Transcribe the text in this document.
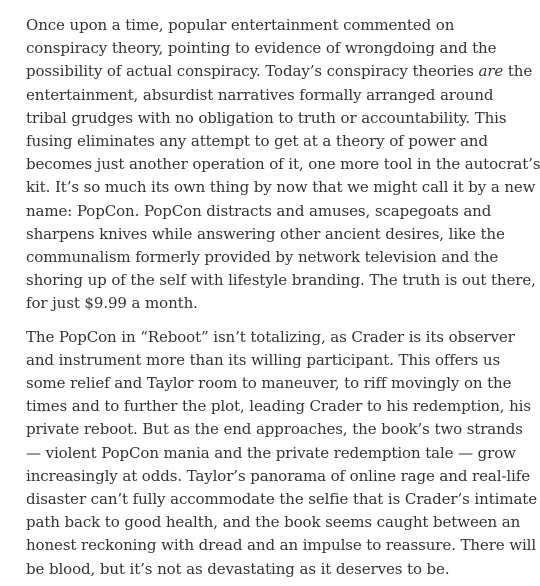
Once upon a time, popular entertainment commented on
conspiracy theory, pointing to evidence of wrongdoing and the
possibility of actual conspiracy. Today’s conspiracy theories are the
entertainment, absurdist narratives formally arranged around
tribal grudges with no obligation to truth or accountability. This
fusing eliminates any attempt to get at a theory of power and
becomes just another operation of it, one more tool in the autocrat’s
kit. It’s so much its own thing by now that we might call it by a new
name: PopCon. PopCon distracts and amuses, scapegoats and
sharpens knives while answering other ancient desires, like the
communalism formerly provided by network television and the
shoring up of the self with lifestyle branding. The truth is out there,
for just $9.99 a month.

The PopCon in “Reboot” isn’t totalizing, as Crader is its observer
and instrument more than its willing participant. This offers us
some relief and Taylor room to maneuver, to riff movingly on the
times and to further the plot, leading Crader to his redemption, his
private reboot. But as the end approaches, the book’s two strands
— violent PopCon mania and the private redemption tale — grow
increasingly at odds. Taylor’s panorama of online rage and real-life
disaster can’t fully accommodate the selfie that is Crader’s intimate
path back to good health, and the book seems caught between an
honest reckoning with dread and an impulse to reassure. There will
be blood, but it’s not as devastating as it deserves to be.
